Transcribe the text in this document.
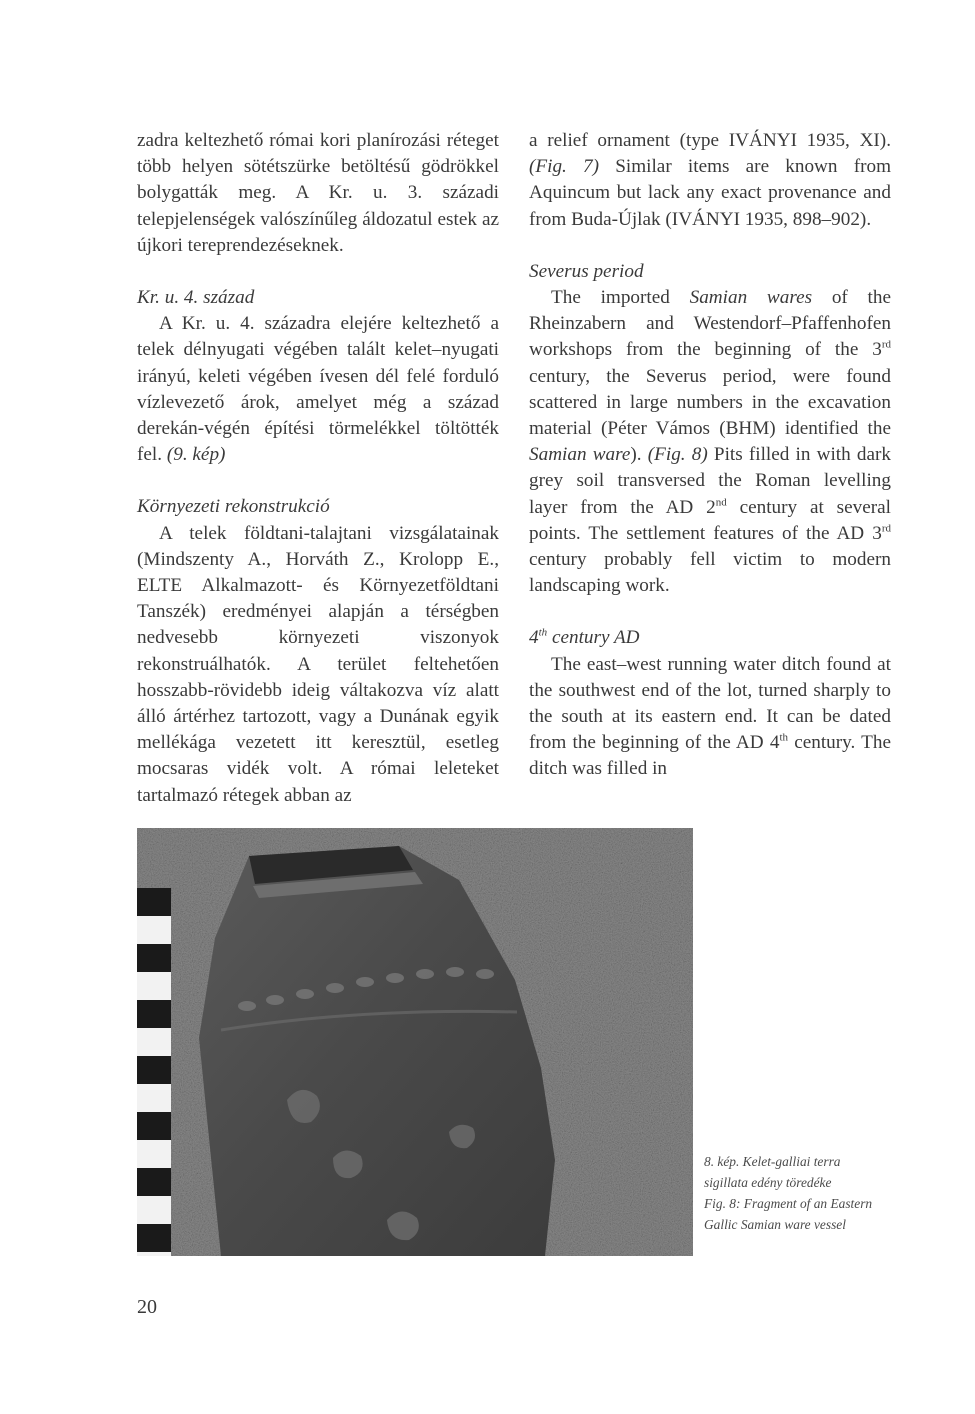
zadra keltezhető római kori planírozási réteget több helyen sötétszürke betöltésű gödrökkel bolygatták meg. A Kr. u. 3. századi telepjelenségek valószínűleg áldozatul estek az újkori tereprendezéseknek.

Kr. u. 4. század

A Kr. u. 4. századra elejére keltezhető a telek délnyugati végében talált kelet–nyugati irányú, keleti végében ívesen dél felé forduló vízlevezető árok, amelyet még a század derekán-végén építési törmelékkel töltötték fel. (9. kép)

Környezeti rekonstrukció

A telek földtani-talajtani vizsgálatainak (Mindszenty A., Horváth Z., Krolopp E., ELTE Alkalmazott- és Környezetföldtani Tanszék) eredményei alapján a térségben nedvesebb környezeti viszonyok rekonstruálhatók. A terület feltehetően hosszabb-rövidebb ideig váltakozva víz alatt álló ártérhez tartozott, vagy a Dunának egyik mellékága vezetett itt keresztül, esetleg mocsaras vidék volt. A római leleteket tartalmazó rétegek abban az

a relief ornament (type IVÁNYI 1935, XI). (Fig. 7) Similar items are known from Aquincum but lack any exact provenance and from Buda-Újlak (IVÁNYI 1935, 898–902).

Severus period

The imported Samian wares of the Rheinzabern and Westendorf–Pfaffenhofen workshops from the beginning of the 3rd century, the Severus period, were found scattered in large numbers in the excavation material (Péter Vámos (BHM) identified the Samian ware). (Fig. 8) Pits filled in with dark grey soil transversed the Roman levelling layer from the AD 2nd century at several points. The settlement features of the AD 3rd century probably fell victim to modern landscaping work.

4th century AD

The east–west running water ditch found at the southwest end of the lot, turned sharply to the south at its eastern end. It can be dated from the beginning of the AD 4th century. The ditch was filled in

8. kép. Kelet-galliai terra sigillata edény töredéke
Fig. 8: Fragment of an Eastern Gallic Samian ware vessel
20
